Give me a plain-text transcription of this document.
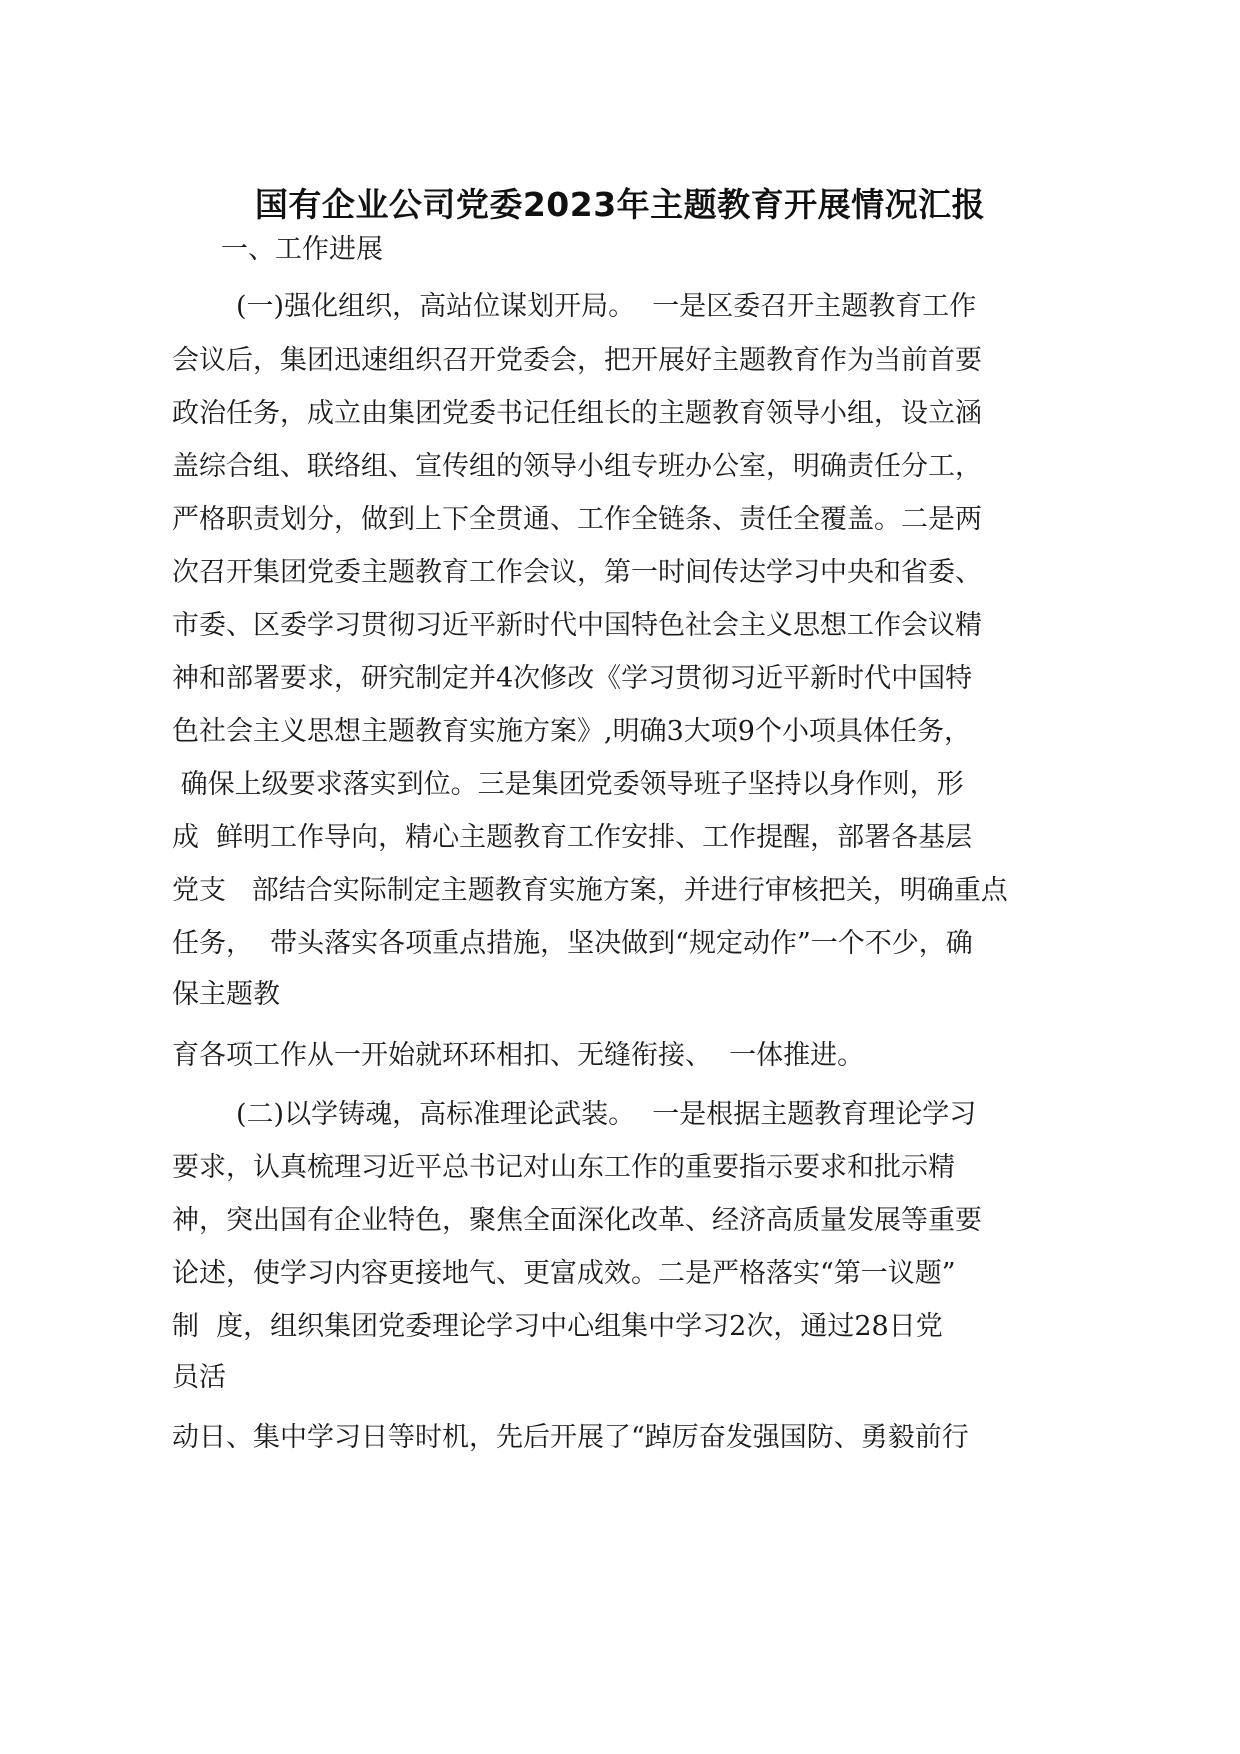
国有企业公司党委2023年主题教育开展情况汇报
一、工作进展
(一)强化组织，高站位谋划开局。  一是区委召开主题教育工作
会议后，集团迅速组织召开党委会，把开展好主题教育作为当前首要
政治任务，成立由集团党委书记任组长的主题教育领导小组，设立涵
盖综合组、联络组、宣传组的领导小组专班办公室，明确责任分工，
严格职责划分，做到上下全贯通、工作全链条、责任全覆盖。二是两
次召开集团党委主题教育工作会议，第一时间传达学习中央和省委、
市委、区委学习贯彻习近平新时代中国特色社会主义思想工作会议精
神和部署要求，研究制定并4次修改《学习贯彻习近平新时代中国特
色社会主义思想主题教育实施方案》,明确3大项9个小项具体任务，
确保上级要求落实到位。三是集团党委领导班子坚持以身作则，形
成  鲜明工作导向，精心主题教育工作安排、工作提醒，部署各基层
党支   部结合实际制定主题教育实施方案，并进行审核把关，明确重点
任务，  带头落实各项重点措施，坚决做到“规定动作”一个不少，确
保主题教
育各项工作从一开始就环环相扣、无缝衔接、  一体推进。
(二)以学铸魂，高标准理论武装。  一是根据主题教育理论学习
要求，认真梳理习近平总书记对山东工作的重要指示要求和批示精
神，突出国有企业特色，聚焦全面深化改革、经济高质量发展等重要
论述，使学习内容更接地气、更富成效。二是严格落实“第一议题”
制  度，组织集团党委理论学习中心组集中学习2次，通过28日党
员活
动日、集中学习日等时机，先后开展了“踔厉奋发强国防、勇毅前行
